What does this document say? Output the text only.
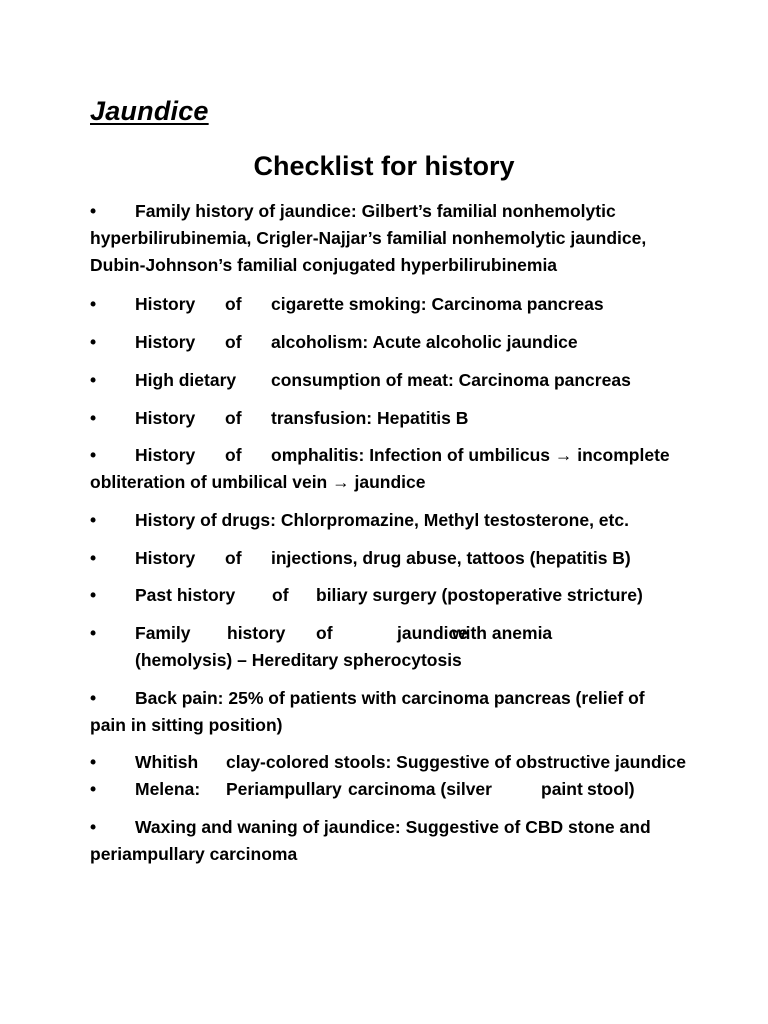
Jaundice
Checklist for history
• Family history of jaundice: Gilbert’s familial nonhemolytic
hyperbilirubinemia, Crigler-Najjar’s familial nonhemolytic jaundice,
Dubin-Johnson’s familial conjugated hyperbilirubinemia
• History of cigarette smoking: Carcinoma pancreas
• History of alcoholism: Acute alcoholic jaundice
• High dietary consumption of meat: Carcinoma pancreas
• History of transfusion: Hepatitis B
• History of omphalitis: Infection of umbilicus → incomplete
obliteration of umbilical vein → jaundice
• History of drugs: Chlorpromazine, Methyl testosterone, etc.
• History of injections, drug abuse, tattoos (hepatitis B)
• Past history of biliary surgery (postoperative stricture)
• Family history of	jaundice
with anemia
(hemolysis) – Hereditary spherocytosis
• Back pain: 25% of patients with carcinoma pancreas (relief of
pain in sitting position)
• Whitish clay-colored stools: Suggestive of obstructive jaundice
• Melena: Periampullary carcinoma (silver	paint stool)
• Waxing and waning of jaundice: Suggestive of CBD stone and
periampullary carcinoma
